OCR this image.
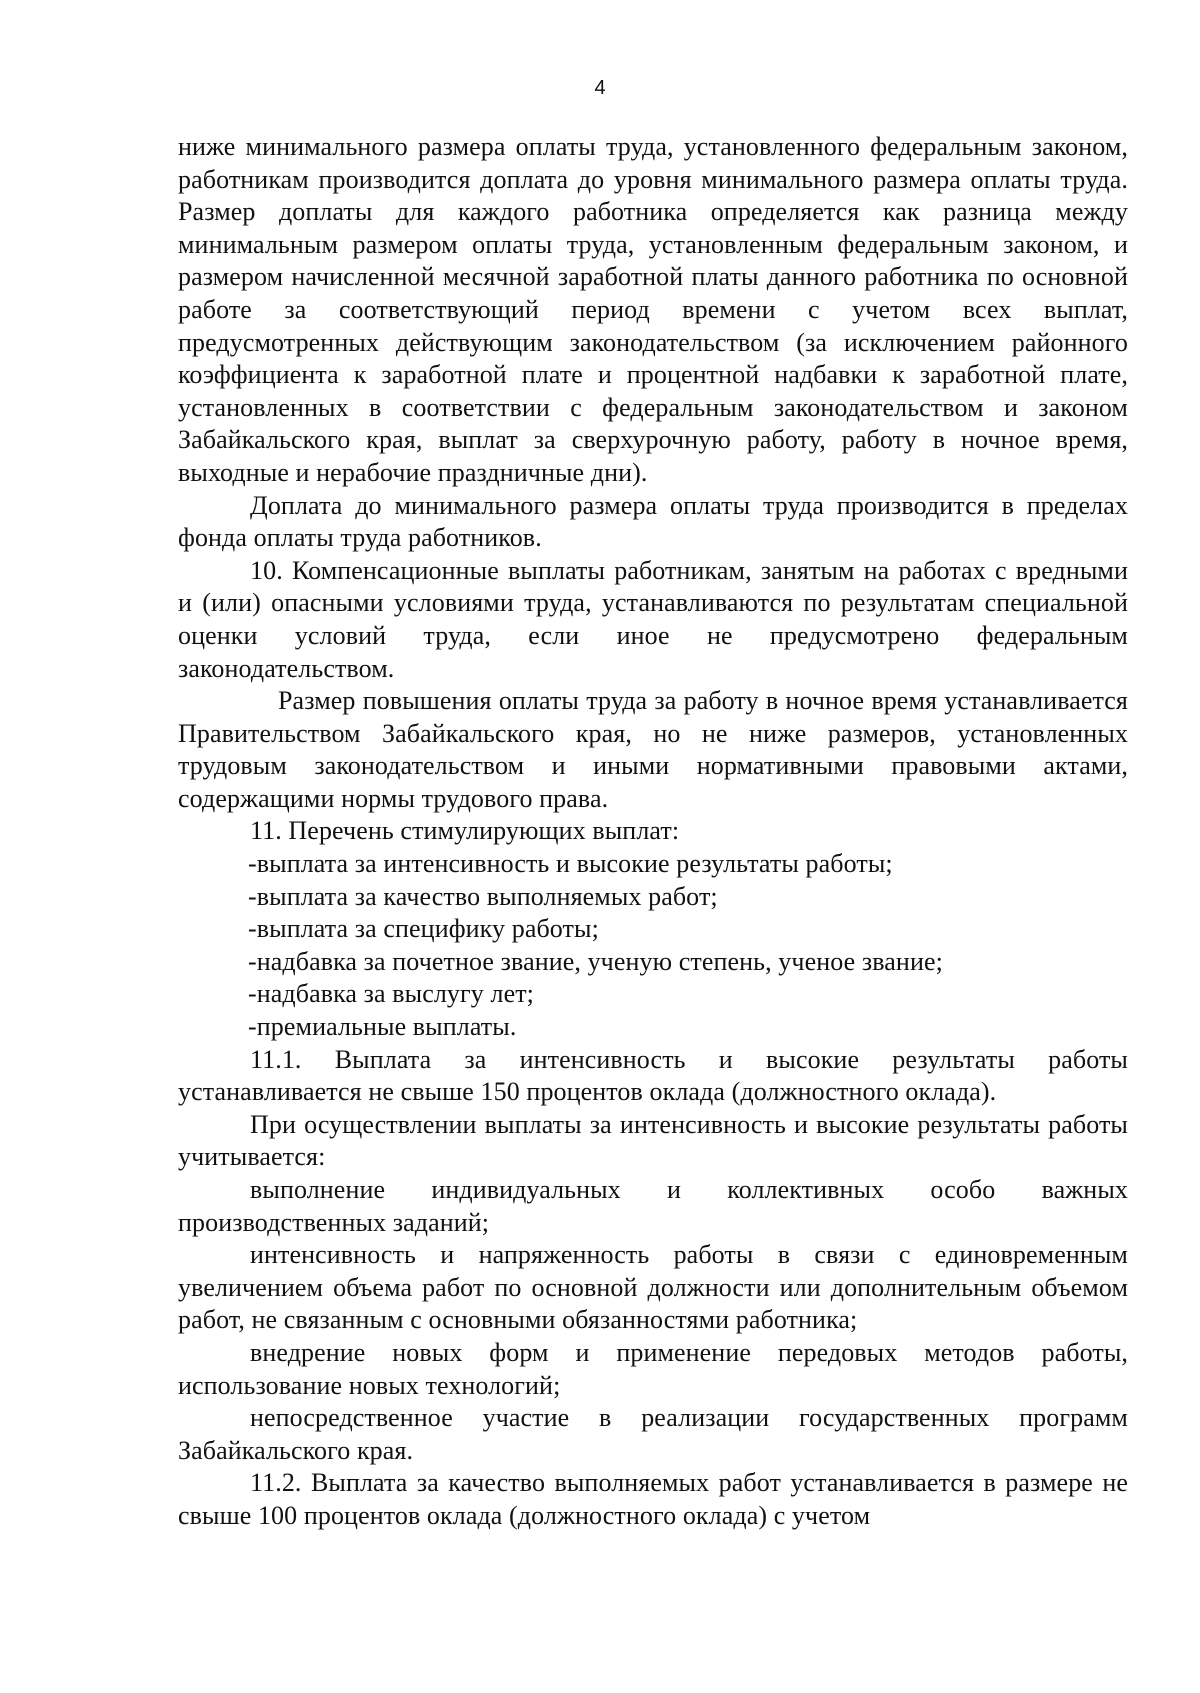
4

ниже минимального размера оплаты труда, установленного федеральным законом, работникам производится доплата до уровня минимального размера оплаты труда. Размер доплаты для каждого работника определяется как разница между минимальным размером оплаты труда, установленным федеральным законом, и размером начисленной месячной заработной платы данного работника по основной работе за соответствующий период времени с учетом всех выплат, предусмотренных действующим законодательством (за исключением районного коэффициента к заработной плате и процентной надбавки к заработной плате, установленных в соответствии с федеральным законодательством и законом Забайкальского края, выплат за сверхурочную работу, работу в ночное время, выходные и нерабочие праздничные дни).

Доплата до минимального размера оплаты труда производится в пределах фонда оплаты труда работников.

10. Компенсационные выплаты работникам, занятым на работах с вредными и (или) опасными условиями труда, устанавливаются по результатам специальной оценки условий труда, если иное не предусмотрено федеральным законодательством.

Размер повышения оплаты труда за работу в ночное время устанавливается Правительством Забайкальского края, но не ниже размеров, установленных трудовым законодательством и иными нормативными правовыми актами, содержащими нормы трудового права.

11. Перечень стимулирующих выплат:

-выплата за интенсивность и высокие результаты работы;

-выплата за качество выполняемых работ;

-выплата за специфику работы;

-надбавка за почетное звание, ученую степень, ученое звание;

-надбавка за выслугу лет;

-премиальные выплаты.

11.1. Выплата за интенсивность и высокие результаты работы устанавливается не свыше 150 процентов оклада (должностного оклада).

При осуществлении выплаты за интенсивность и высокие результаты работы учитывается:

выполнение индивидуальных и коллективных особо важных производственных заданий;

интенсивность и напряженность работы в связи с единовременным увеличением объема работ по основной должности или дополнительным объемом работ, не связанным с основными обязанностями работника;

внедрение новых форм и применение передовых методов работы, использование новых технологий;

непосредственное участие в реализации государственных программ Забайкальского края.

11.2. Выплата за качество выполняемых работ устанавливается в размере не свыше 100 процентов оклада (должностного оклада) с учетом
